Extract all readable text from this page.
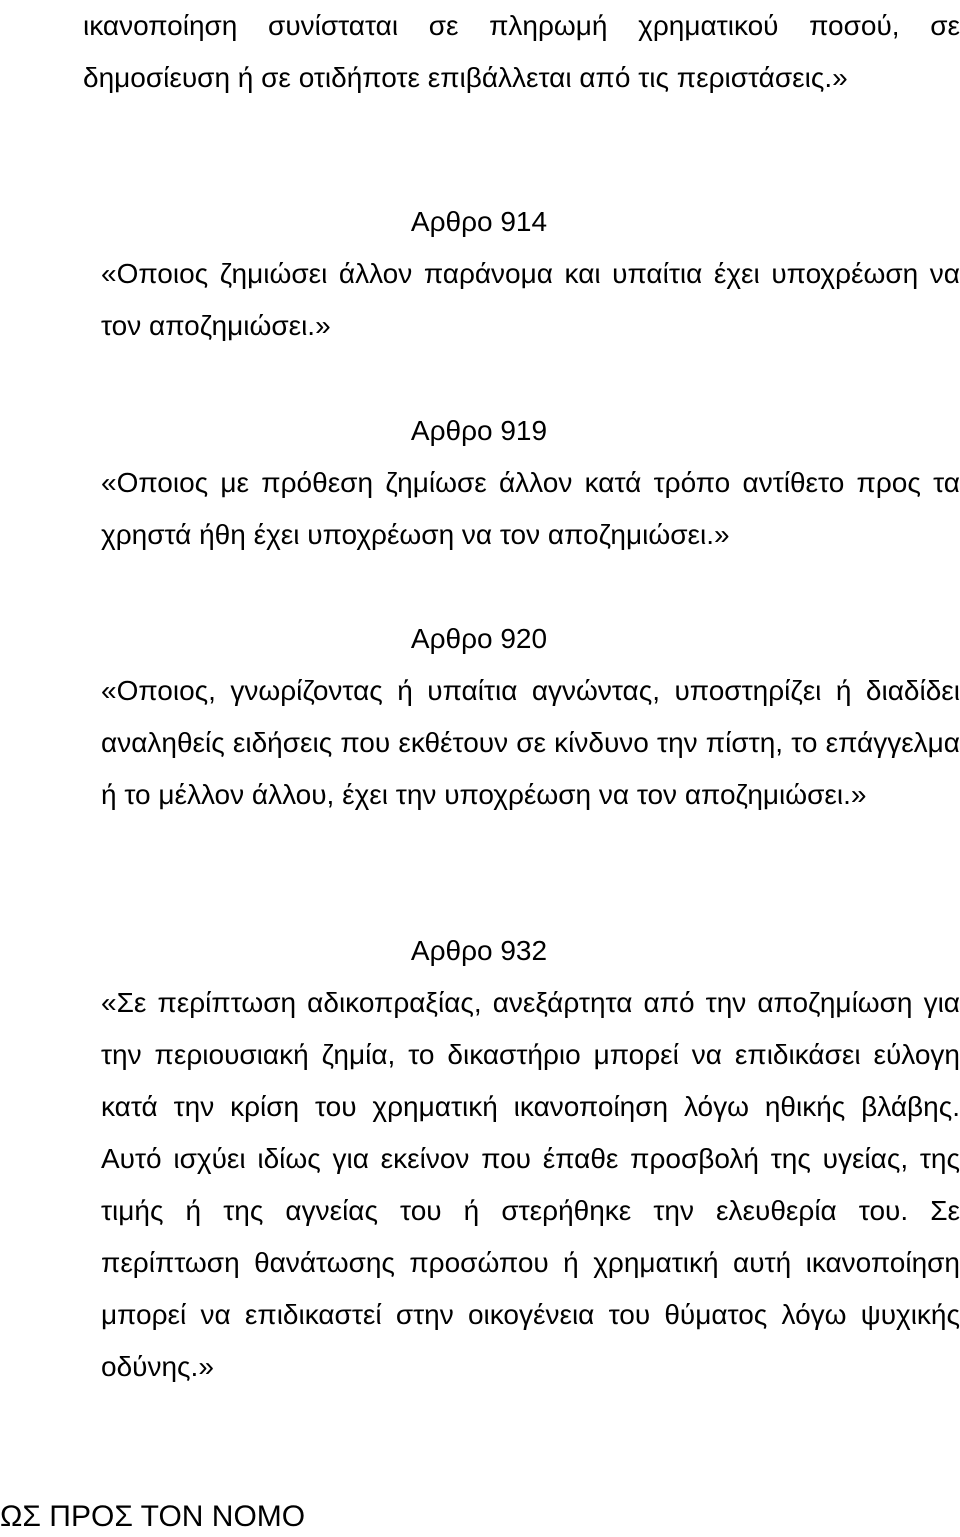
ικανοποίηση συνίσταται σε πληρωμή χρηματικού ποσού, σε δημοσίευση ή σε οτιδήποτε επιβάλλεται από τις περιστάσεις.»

Αρθρο 914

«Οποιος ζημιώσει άλλον παράνομα και υπαίτια έχει υποχρέωση να τον αποζημιώσει.»

Αρθρο 919

«Οποιος με πρόθεση ζημίωσε άλλον κατά τρόπο αντίθετο προς τα χρηστά ήθη έχει υποχρέωση να τον αποζημιώσει.»

Αρθρο 920

«Οποιος, γνωρίζοντας ή υπαίτια αγνώντας, υποστηρίζει ή διαδίδει αναληθείς ειδήσεις που εκθέτουν σε κίνδυνο την πίστη, το επάγγελμα ή το μέλλον άλλου, έχει την υποχρέωση να τον αποζημιώσει.»

Αρθρο 932

«Σε περίπτωση αδικοπραξίας, ανεξάρτητα από την αποζημίωση για την περιουσιακή ζημία, το δικαστήριο μπορεί να επιδικάσει εύλογη κατά την κρίση του χρηματική ικανοποίηση λόγω ηθικής βλάβης. Αυτό ισχύει ιδίως για εκείνον που έπαθε προσβολή της υγείας, της τιμής ή της αγνείας του ή στερήθηκε την ελευθερία του. Σε περίπτωση θανάτωσης προσώπου ή χρηματική αυτή ικανοποίηση μπορεί να επιδικαστεί στην οικογένεια του θύματος λόγω ψυχικής οδύνης.»

ΩΣ ΠΡΟΣ ΤΟΝ ΝΟΜΟ
